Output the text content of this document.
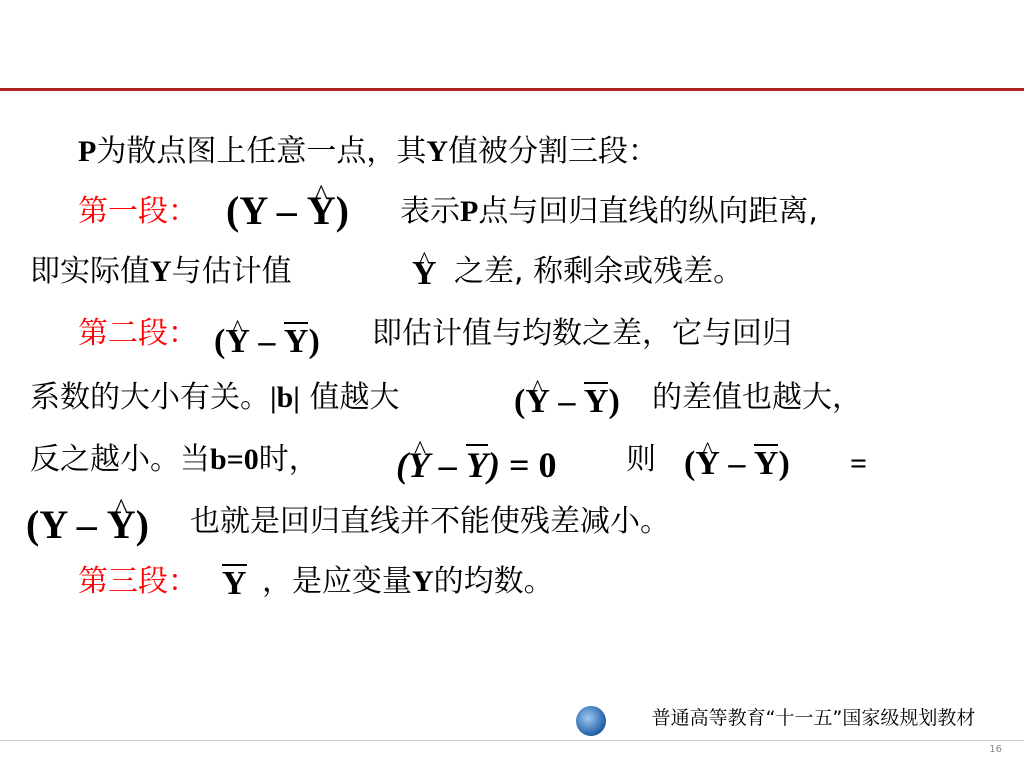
P为散点图上任意一点，其Y值被分割三段：
第一段： (Y – ^ Y) 表示P点与回归直线的纵向距离,
即实际值Y与估计值	^ Y 之差, 称剩余或残差。
第二段： (^ Y – Y) 即估计值与均数之差，它与回归
系数的大小有关。|b| 值越大	(^ Y – Y) 的差值也越大，
反之越小。当b=0时， (^ Y – Y) = 0 则 (^ Y – Y) =
(Y – ^ Y) 也就是回归直线并不能使残差减小。
第三段： Y ，是应变量Y的均数。
普通高等教育“十一五”国家级规划教材
16
